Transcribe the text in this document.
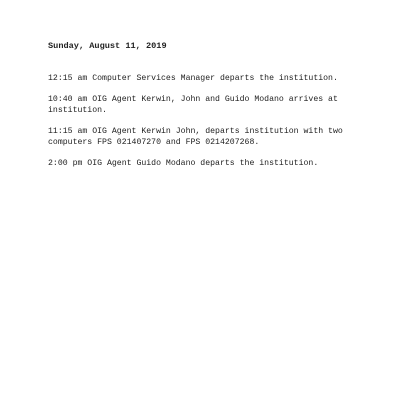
Sunday, August 11, 2019

12:15 am Computer Services Manager departs the institution.
10:40 am OIG Agent Kerwin, John and Guido Modano arrives at
institution.
11:15 am OIG Agent Kerwin John, departs institution with two
computers FPS 021407270 and FPS 0214207268.
2:00 pm OIG Agent Guido Modano departs the institution.
